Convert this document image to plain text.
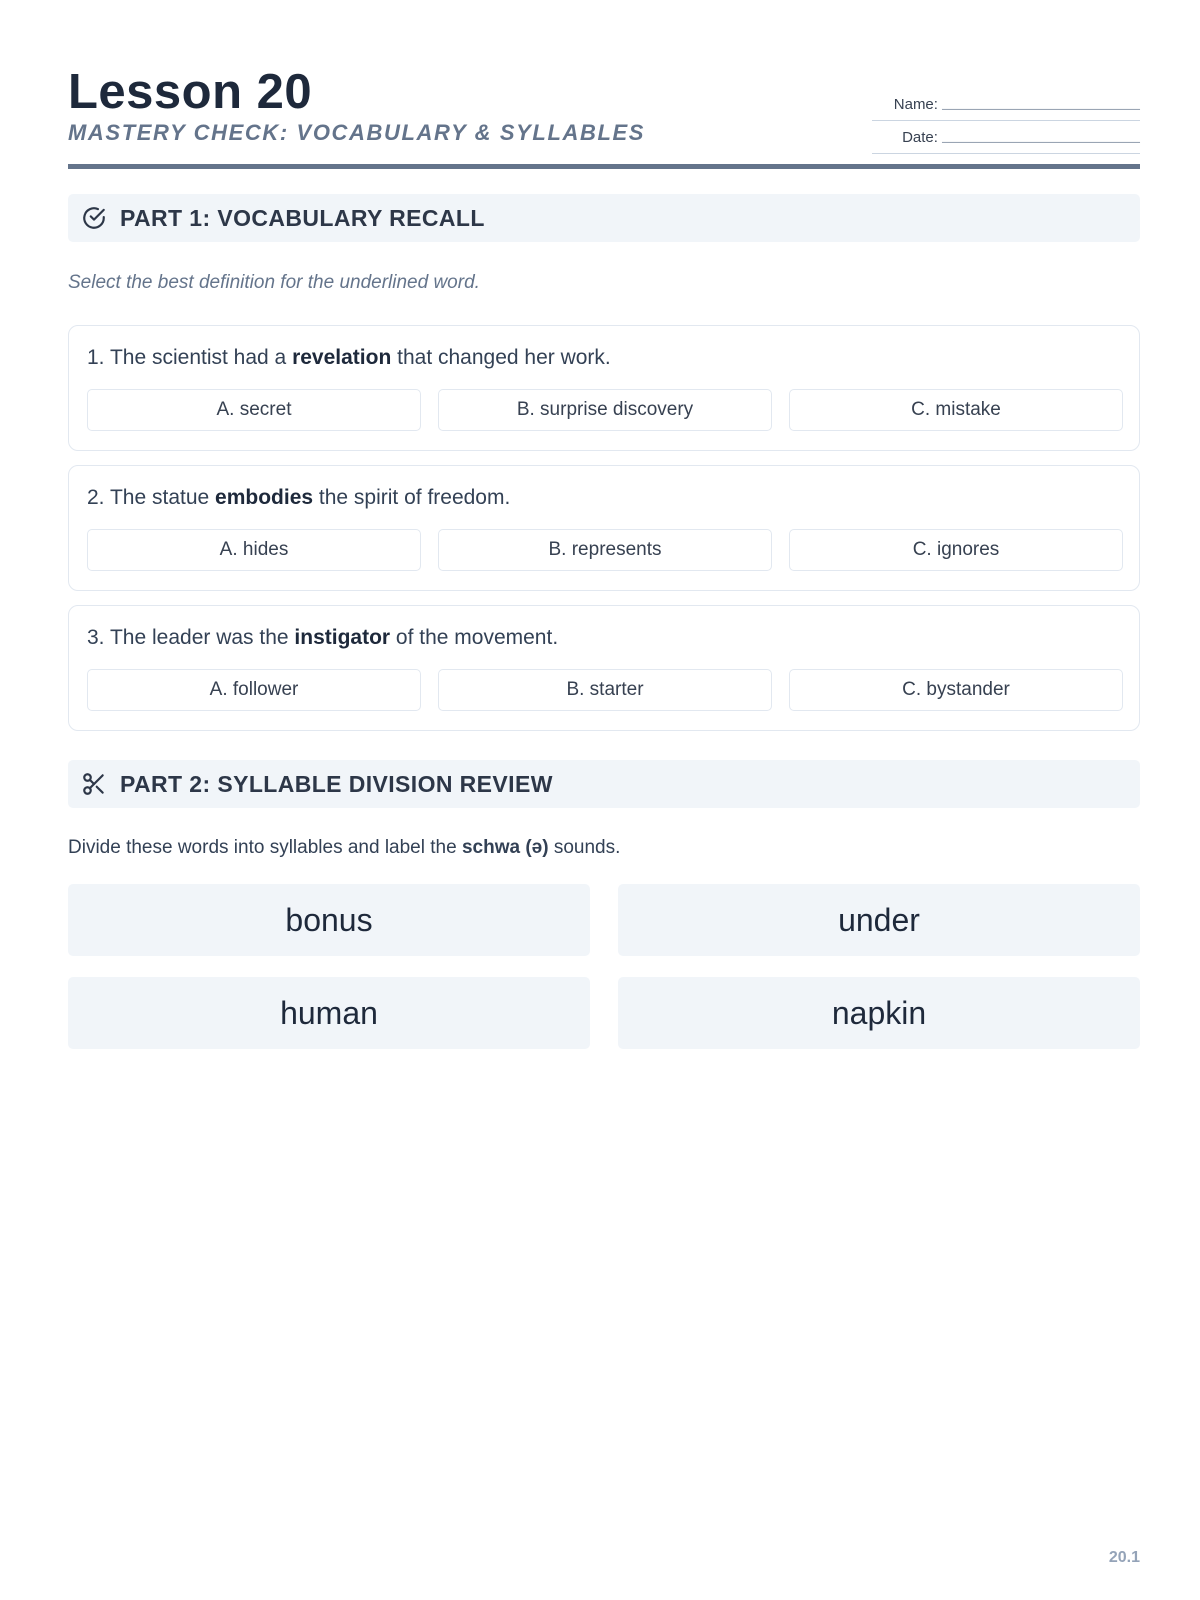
Lesson 20
MASTERY CHECK: VOCABULARY & SYLLABLES
Name: ______________________
Date: ______________________
PART 1: VOCABULARY RECALL
Select the best definition for the underlined word.
1. The scientist had a revelation that changed her work.
A. secret	B. surprise discovery	C. mistake
2. The statue embodies the spirit of freedom.
A. hides	B. represents	C. ignores
3. The leader was the instigator of the movement.
A. follower	B. starter	C. bystander
PART 2: SYLLABLE DIVISION REVIEW
Divide these words into syllables and label the schwa (ə) sounds.
bonus	under
human	napkin
20.1
